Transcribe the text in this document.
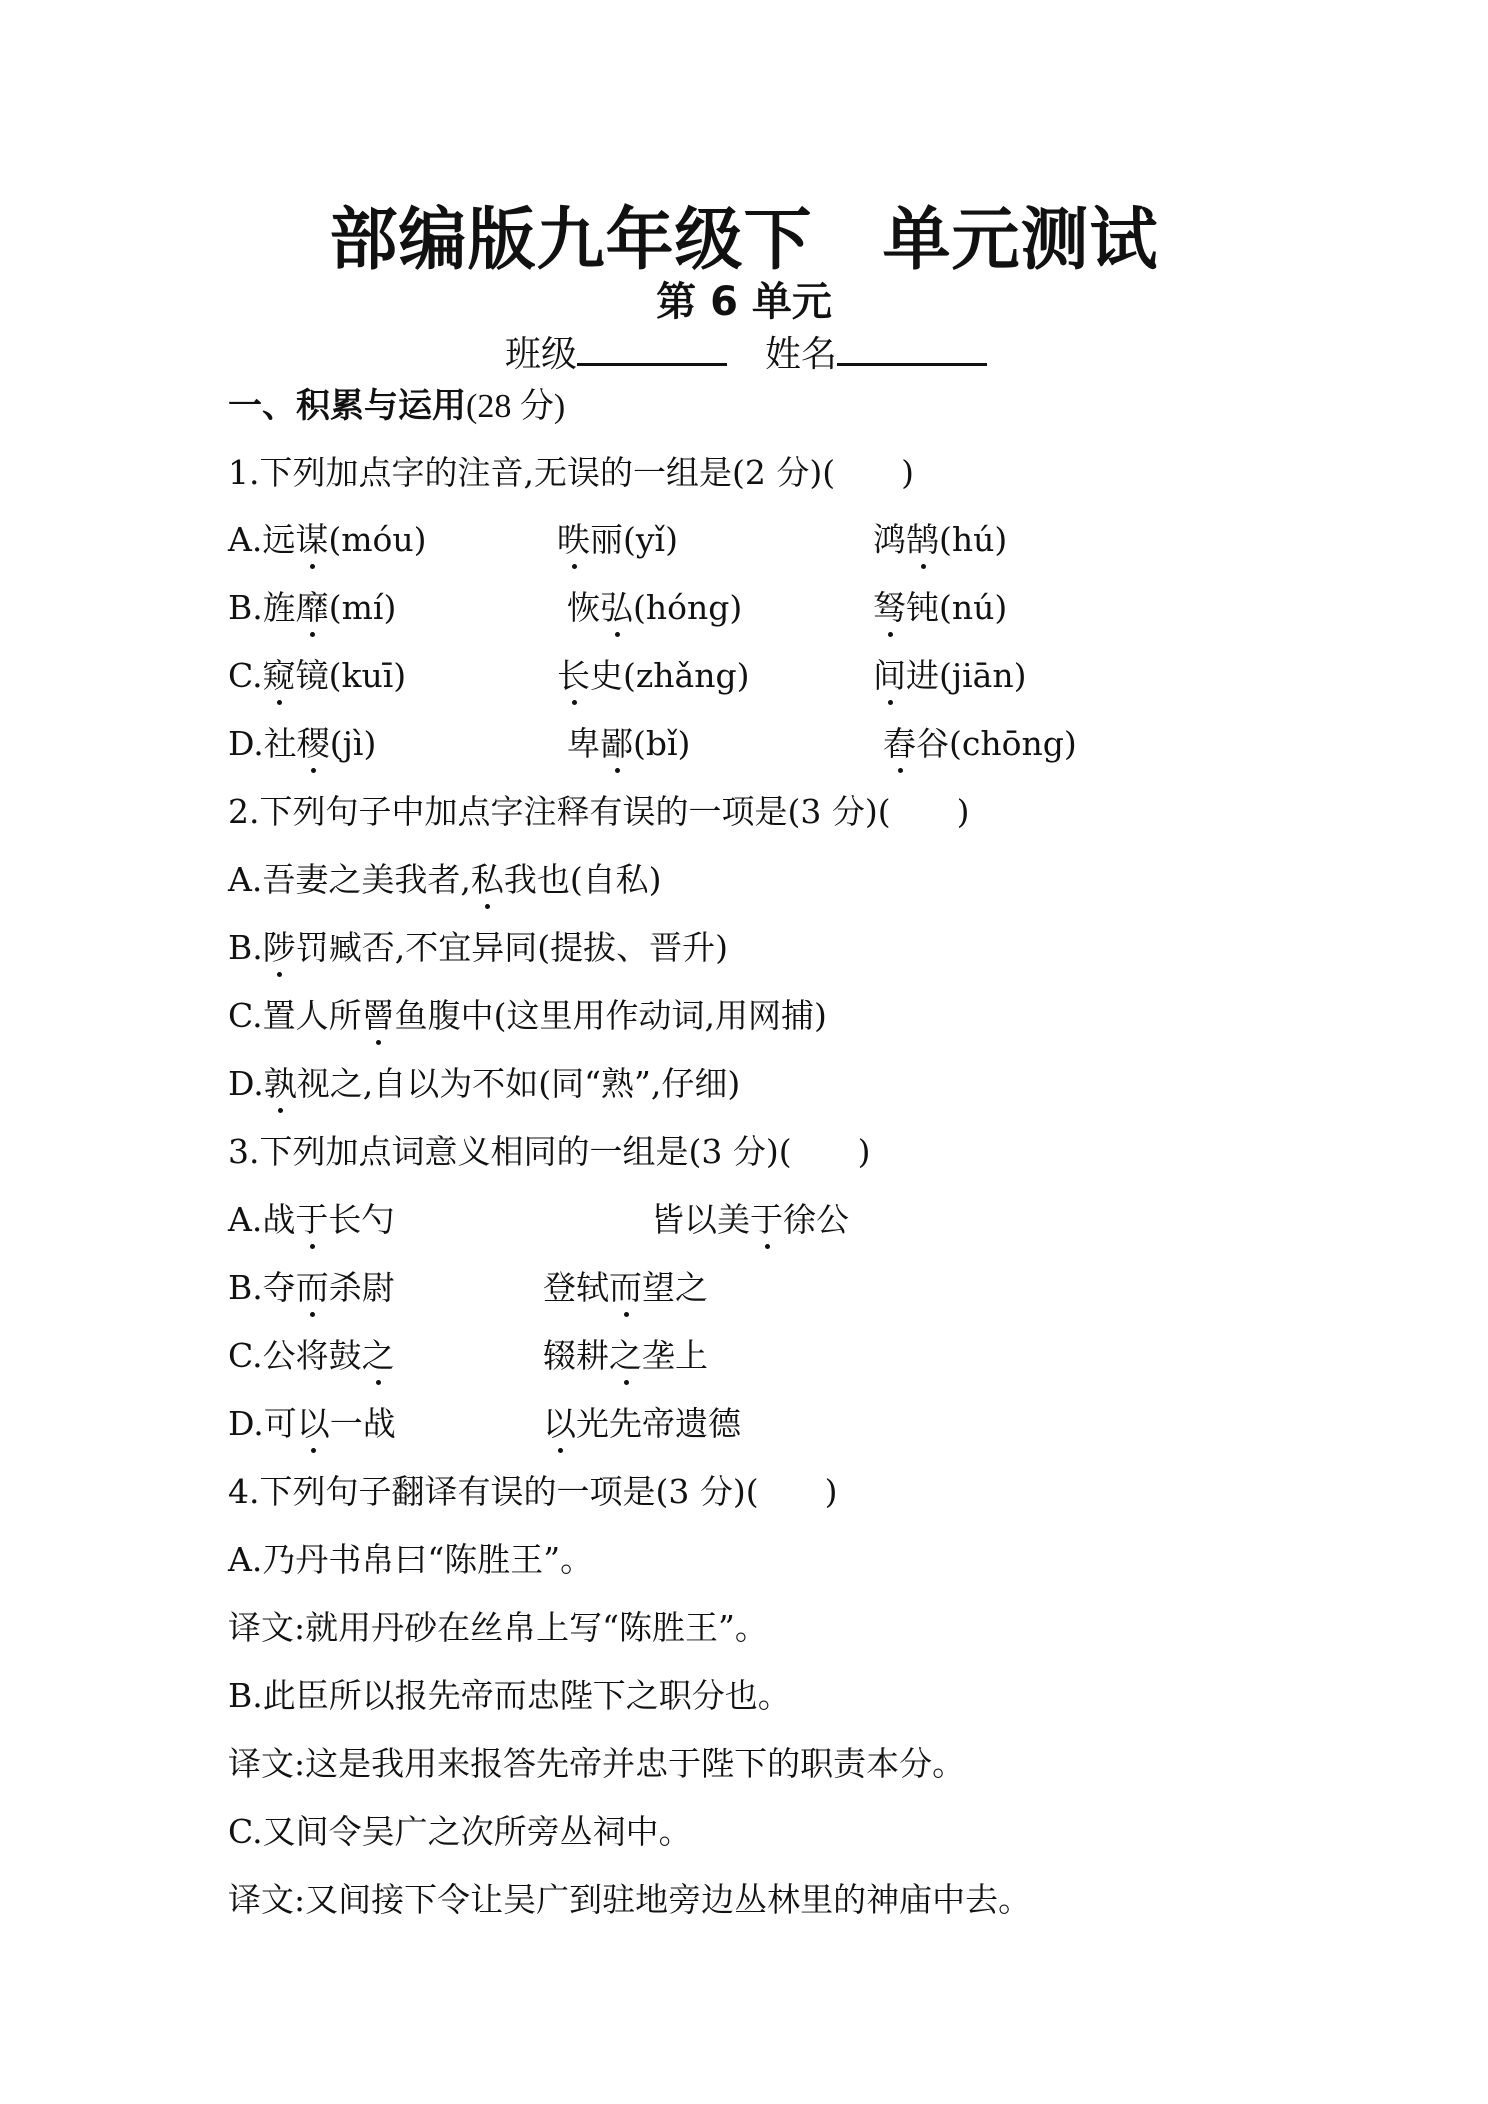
部编版九年级下 单元测试
第 6 单元
班级	姓名
一、积累与运用(28 分)
1.下列加点字的注音,无误的一组是(2 分)(　　)
A.远谋(móu)	昳丽(yǐ)	鸿鹄(hú)
B.旌靡(mí)	恢弘(hóng)	驽钝(nú)
C.窥镜(kuī)	长史(zhǎng)	间进(jiān)
D.社稷(jì)	卑鄙(bǐ)	舂谷(chōng)
2.下列句子中加点字注释有误的一项是(3 分)(　　)
A.吾妻之美我者,私我也(自私)
B.陟罚臧否,不宜异同(提拔、晋升)
C.置人所罾鱼腹中(这里用作动词,用网捕)
D.孰视之,自以为不如(同“熟”,仔细)
3.下列加点词意义相同的一组是(3 分)(　　)
A.战于长勺	皆以美于徐公
B.夺而杀尉	登轼而望之
C.公将鼓之	辍耕之垄上
D.可以一战	以光先帝遗德
4.下列句子翻译有误的一项是(3 分)(　　)
A.乃丹书帛曰“陈胜王”。
译文:就用丹砂在丝帛上写“陈胜王”。
B.此臣所以报先帝而忠陛下之职分也。
译文:这是我用来报答先帝并忠于陛下的职责本分。
C.又间令吴广之次所旁丛祠中。
译文:又间接下令让吴广到驻地旁边丛林里的神庙中去。
